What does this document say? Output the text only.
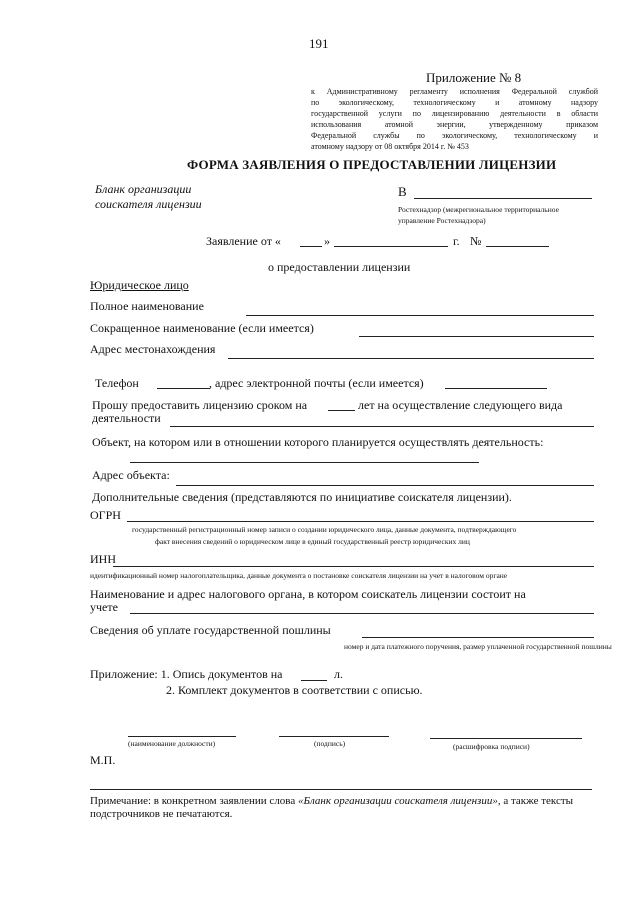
191
Приложение № 8
к Административному регламенту исполнения Федеральной службой
по экологическому, технологическому и атомному надзору
государственной услуги по лицензированию деятельности в области
использования атомной энергии, утвержденному приказом
Федеральной службы по экологическому, технологическому и
атомному надзору от 08 октября 2014 г. № 453
ФОРМА ЗАЯВЛЕНИЯ О ПРЕДОСТАВЛЕНИИ ЛИЦЕНЗИИ
Бланк организации
соискателя лицензии
В
Ростехнадзор (межрегиональное территориальное
управление Ростехнадзора)
Заявление от «	»	г. №
о предоставлении лицензии
Юридическое лицо
Полное наименование
Сокращенное наименование (если имеется)
Адрес местонахождения
Телефон	, адрес электронной почты (если имеется)
Прошу предоставить лицензию сроком на	лет на осуществление следующего вида
деятельности
Объект, на котором или в отношении которого планируется осуществлять деятельность:
Адрес объекта:
Дополнительные сведения (представляются по инициативе соискателя лицензии).
ОГРН
государственный регистрационный номер записи о создании юридического лица, данные документа, подтверждающего
факт внесения сведений о юридическом лице в единый государственный реестр юридических лиц
ИНН
идентификационный номер налогоплательщика, данные документа о постановке соискателя лицензии на учет в налоговом органе
Наименование и адрес налогового органа, в котором соискатель лицензии состоит на
учете
Сведения об уплате государственной пошлины
номер и дата платежного поручения, размер уплаченной государственной пошлины
Приложение: 1. Опись документов на	л.
2. Комплект документов в соответствии с описью.
(наименование должности)	(подпись)	(расшифровка подписи)
М.П.
Примечание: в конкретном заявлении слова «Бланк организации соискателя лицензии», а также тексты
подстрочников не печатаются.
